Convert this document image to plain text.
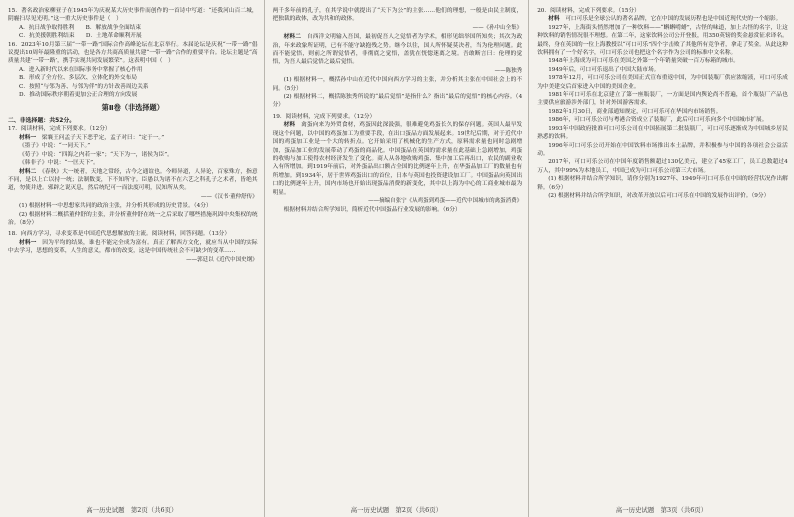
15．著名政治家柳亚子在1945年为庆祝某大历史事件而创作的一首诗中写道：“还我河山百二城，阴霾扫尽见光明。”这一重大历史事件是（　）
A．抗日战争取得胜利　　B．解放战争全面结束
C．抗美援朝胜利结束　　D．土地革命顺利开展
16．2023年10月第三届“一带一路”国际合作高峰论坛在北京举行。本届论坛是庆祝“一带一路”倡议提出10周年最隆重的活动，也是各方共商高质量共建“一带一路”合作的重要平台。论坛主题是“高质量共建‘一带一路’，携手实现共同发展繁荣”。这表明中国（　）
A．进入新时代以来在国际事务中掌握了核心作用
B．形成了全方位、多层次、立体化的外交布局
C．按照“与邻为善、与邻为伴”的方针改善周边关系
D．推动国际秩序朝着更加公正合理的方向发展
第Ⅱ卷（非选择题）
二、非选择题：共52分。
17．阅读材料，完成下列要求。（12分）
材料一　 梁襄王问孟子天下恶乎定，孟子对曰：“定于一。”
《墨子》中说：“一同天下。”
《荀子》中说：“四海之内若一家”；“天下为一，诸侯为臣”。
《韩非子》中说：“一匡天下”。
材料二　 《春秋》大一统者，天地之常经，古今之通谊也。今师异道，人异论，百家殊方，指意不同，是以上亡以持一统；法制数变，下不知所守。臣愚以为诸不在六艺之科孔子之术者，皆绝其道，勿使并进。邪辟之说灭息，然后统纪可一而法度可明，民知所从矣。
——《汉书·董仲舒传》
(1) 根据材料一中思想家共同的政治主张，并分析其形成的历史背景。（4分）
(2) 根据材料二概括董仲舒的主张，并分析董仲舒在统一之后采取了哪些措施巩固中央集权的统治。（8分）
18．向西方学习，寻求变革是中国近代思想解放的主流。阅读材料，回答问题。（13分）
材料一　 因为平均的结果，谁也不能完全成为富有。真正了解西方文化，就应当从中国的实际中去学习，思想的变革，人生的意义，都市的改变，这是中国传统社会不可缺少的变革……
——郭廷以《近代中国史纲》
高一历史试题　第2页（共6页）
两千多年前的孔子，在其学说中就提出了“天下为公”的主张……他们的理想，一般是由民主制度，把独裁的政体，改为共和的政体。
——《孙中山全集》
材料二　 自西洋文明输入吾国，最初促吾人之觉悟者为学术，相形见绌举国所知矣；其次为政治，年来政象所证明，已有不能守缺抱残之势。继今以往，国人所怀疑莫决者，当为伦理问题。此而不能觉悟，则前之所谓觉悟者，非彻底之觉悟，盖犹在恍惚迷离之境。吾敢断言曰：伦理的觉悟，为吾人最后觉悟之最后觉悟。
——陈独秀
(1) 根据材料一，概括孙中山在近代中国向西方学习的主张，并分析其主张在中国社会上的不同。（5分）
(2) 根据材料二，概括陈独秀所说的“最后觉悟”是指什么？指出“最后的觉悟”的核心内容。（4分）
19．阅读材料，完成下列要求。（12分）
材料　 禽蛋向来为外贸食材，鸡蛋因此深汲强，很难避免鸡蛋长久的保存问题。英国人最早发现这个问题，以中国的鸡蛋加工为重要手段，在出口蛋品方面发展起来。19世纪后期，对于近代中国的鸡蛋加工业是一个大的转折点。它开始采用了机械化的生产方式，原料需求量也同时急剧增加，蛋品加工业的发展带动了鸡蛋的商品化。中国蛋品在英国的需求量在此基础上急剧增加，鸡蛋的收购与加工使得农村经济发生了变化。商人从各地收购鸡蛋、集中加工后再出口，农民的副业收入有所增加。到1919年前后，对外蛋品出口额占全国的比例逐年上升，在华蛋品加工厂的数量也有所增加。到1934年，居于世界鸡蛋出口的首位，日本与英国也投资建设加工厂。中国蛋品向英国出口的比例逐年上升，国内市场也开始出现蛋品消费的新变化，其中以上海为中心的工商业城市最为明显。
——摘编自张宁《从鸡蛋到鸡蛋——近代中国城市的禽蛋消费》
根据材料并结合所学知识，简析近代中国蛋品行业发展的影响。（6分）
高一历史试题　第2页（共6页）
20．阅读材料，完成下列要求。（15分）
材料　 可口可乐是全球公认的著名品牌，它在中国的发展历程也是中国近现代史的一个缩影。
1927年，上海街头悄然增加了一种饮料——“蝌蝌啃蜡”，古怪的味道，加上古怪的名字，让这种饮料的销售情况很不理想。在第二年，这家饮料公司公开登报，用350英镑的奖金悬赏征求译名。最终，身在英国的一位上海教授以“可口可乐”四个字击败了其他所有竞争者，拿走了奖金。从此这种饮料拥有了一个好名字，可口可乐公司也把这个名字作为公司的标准中文名称。
1948年上海成为可口可乐在美国之外第一个年销量突破一百万标箱的城市。
1949年后，可口可乐退出了中国大陆市场。
1978年12月，可口可乐公司在美国正式宣布重返中国，为中国装瓶厂供应浓缩液，可口可乐成为中美建交后首家进入中国的美国企业。
1981年可口可乐在北京建立了第一座瓶装厂，一方面是国内舆论尚不普遍，首个瓶装厂产品也主要供应旅游涉外部门，针对外国游客需求。
1982年1月30日，商业部通知规定，可口可乐可在华国内市场销售。
1986年，可口可乐公司与粤港合资成立了装瓶厂，此后可口可乐向多个中国城市扩展。
1993年中国政府批准可口可乐公司在中国拓展第二批装瓶厂，可口可乐逐渐成为中国城乡居民熟悉的饮料。
1996年可口可乐公司开始在中国饮料市场推出本土品牌，并积极参与中国的各项社会公益活动。
2017年，可口可乐公司在中国年度销售额超过130亿美元，建立了45家工厂，员工总数超过4万人，其中99%为本地员工，中国已成为可口可乐公司第三大市场。
(1) 根据材料并结合所学知识，请你分别为1927年、1949年可口可乐在中国的经营状况作出解释。（6分）
(2) 根据材料并结合所学知识，对改革开放以后可口可乐在中国的发展作出评价。（9分）
高一历史试题　第3页（共6页）
